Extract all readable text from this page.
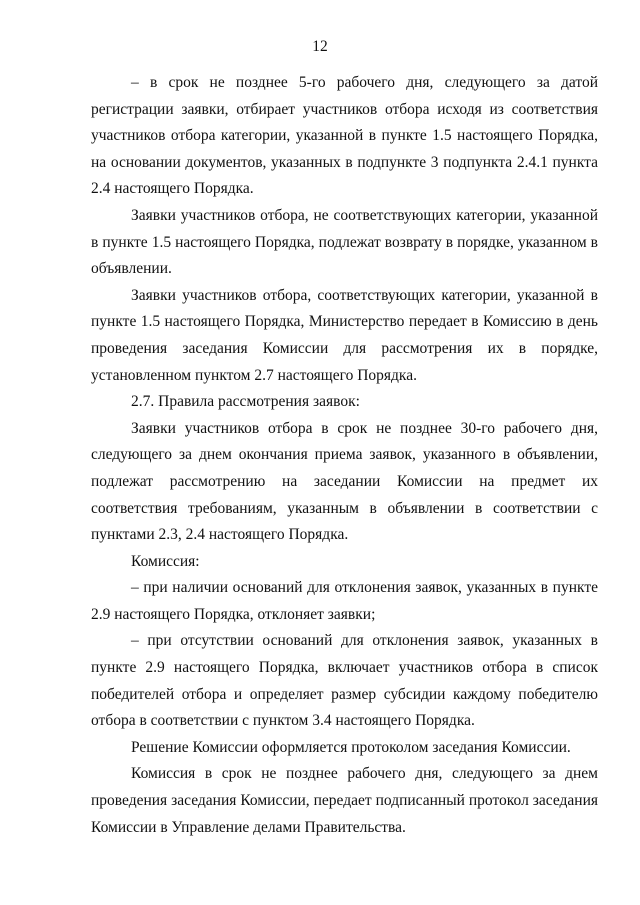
12

– в срок не позднее 5-го рабочего дня, следующего за датой регистрации заявки, отбирает участников отбора исходя из соответствия участников отбора категории, указанной в пункте 1.5 настоящего Порядка, на основании документов, указанных в подпункте 3 подпункта 2.4.1 пункта 2.4 настоящего Порядка.

Заявки участников отбора, не соответствующих категории, указанной в пункте 1.5 настоящего Порядка, подлежат возврату в порядке, указанном в объявлении.

Заявки участников отбора, соответствующих категории, указанной в пункте 1.5 настоящего Порядка, Министерство передает в Комиссию в день проведения заседания Комиссии для рассмотрения их в порядке, установленном пунктом 2.7 настоящего Порядка.

2.7. Правила рассмотрения заявок:

Заявки участников отбора в срок не позднее 30-го рабочего дня, следующего за днем окончания приема заявок, указанного в объявлении, подлежат рассмотрению на заседании Комиссии на предмет их соответствия требованиям, указанным в объявлении в соответствии с пунктами 2.3, 2.4 настоящего Порядка.

Комиссия:

– при наличии оснований для отклонения заявок, указанных в пункте 2.9 настоящего Порядка, отклоняет заявки;

– при отсутствии оснований для отклонения заявок, указанных в пункте 2.9 настоящего Порядка, включает участников отбора в список победителей отбора и определяет размер субсидии каждому победителю отбора в соответствии с пунктом 3.4 настоящего Порядка.

Решение Комиссии оформляется протоколом заседания Комиссии.

Комиссия в срок не позднее рабочего дня, следующего за днем проведения заседания Комиссии, передает подписанный протокол заседания Комиссии в Управление делами Правительства.
